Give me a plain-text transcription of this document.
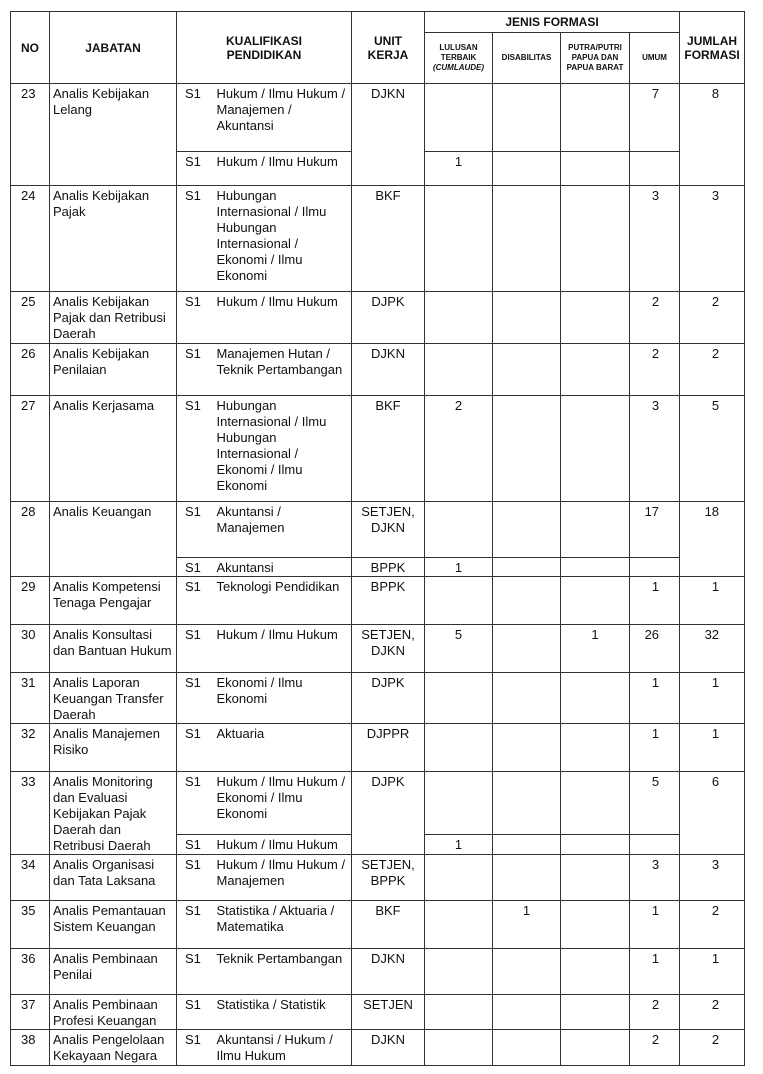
NO	JABATAN	KUALIFIKASI PENDIDIKAN		UNIT KERJA	JENIS FORMASI				JUMLAH FORMASI

					LULUSAN TERBAIK
(CUMLAUDE)	DISABILITAS	PUTRA/PUTRI PAPUA DAN PAPUA BARAT	UMUM	
23	Analis Kebijakan Lelang	S1	Hukum / Ilmu Hukum / Manajemen / Akuntansi	DJKN				7	8
		S1	Hukum / Ilmu Hukum		1				
24	Analis Kebijakan Pajak	S1	Hubungan Internasional / Ilmu Hubungan Internasional / Ekonomi / Ilmu Ekonomi	BKF				3	3
25	Analis Kebijakan Pajak dan Retribusi Daerah	S1	Hukum / Ilmu Hukum	DJPK				2	2
26	Analis Kebijakan Penilaian	S1	Manajemen Hutan / Teknik Pertambangan	DJKN				2	2
27	Analis Kerjasama	S1	Hubungan Internasional / Ilmu Hubungan Internasional / Ekonomi / Ilmu Ekonomi	BKF	2			3	5
28	Analis Keuangan	S1	Akuntansi / Manajemen	SETJEN, DJKN				17	18
		S1	Akuntansi	BPPK	1				
29	Analis Kompetensi Tenaga Pengajar	S1	Teknologi Pendidikan	BPPK				1	1
30	Analis Konsultasi dan Bantuan Hukum	S1	Hukum / Ilmu Hukum	SETJEN, DJKN	5		1	26	32
31	Analis Laporan Keuangan Transfer Daerah	S1	Ekonomi / Ilmu Ekonomi	DJPK				1	1
32	Analis Manajemen Risiko	S1	Aktuaria	DJPPR				1	1
33	Analis Monitoring dan Evaluasi Kebijakan Pajak Daerah dan Retribusi Daerah	S1	Hukum / Ilmu Hukum / Ekonomi / Ilmu Ekonomi	DJPK				5	6
		S1	Hukum / Ilmu Hukum		1				
34	Analis Organisasi dan Tata Laksana	S1	Hukum / Ilmu Hukum / Manajemen	SETJEN, BPPK				3	3
35	Analis Pemantauan Sistem Keuangan	S1	Statistika / Aktuaria / Matematika	BKF		1		1	2
36	Analis Pembinaan Penilai	S1	Teknik Pertambangan	DJKN				1	1
37	Analis Pembinaan Profesi Keuangan	S1	Statistika / Statistik	SETJEN				2	2
38	Analis Pengelolaan Kekayaan Negara	S1	Akuntansi / Hukum / Ilmu Hukum	DJKN				2	2
